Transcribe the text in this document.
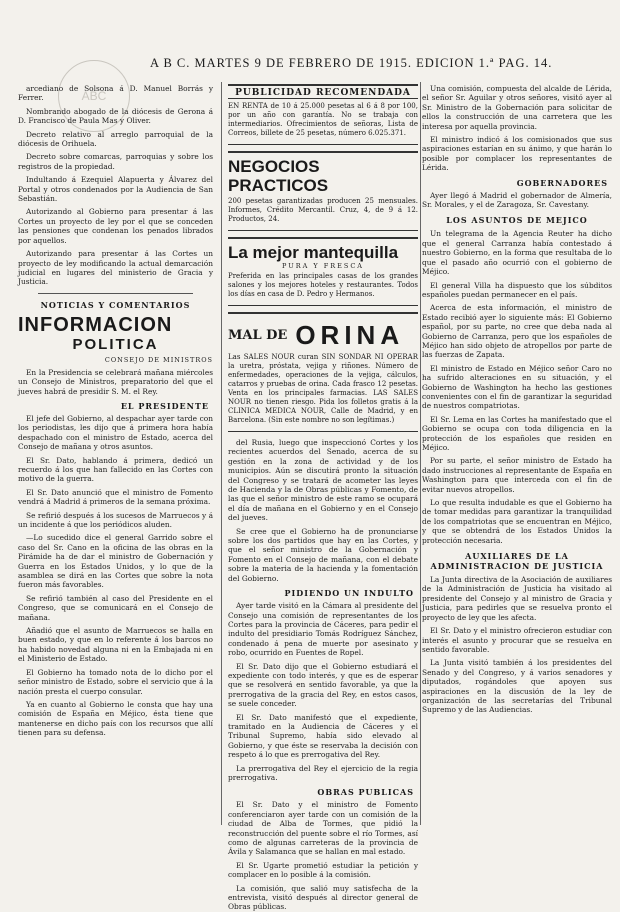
ABC
A B C. MARTES 9 DE FEBRERO DE 1915. EDICION 1.ª PAG. 14.

arcediano de Solsona á D. Manuel Borrás y Ferrer.

Nombrando abogado de la diócesis de Gerona á D. Francisco de Paula Mas y Oliver.

Decreto relativo al arreglo parroquial de la diócesis de Orihuela.

Decreto sobre comarcas, parroquias y sobre los registros de la propiedad.

Indultando á Ezequiel Alapuerta y Álvarez del Portal y otros condenados por la Audiencia de San Sebastián.

Autorizando al Gobierno para presentar á las Cortes un proyecto de ley por el que se conceden las pensiones que condenan los penados librados por aquellos.

Autorizando para presentar á las Cortes un proyecto de ley modificando la actual demarcación judicial en lugares del ministerio de Gracia y Justicia.

NOTICIAS Y COMENTARIOS
INFORMACION
POLITICA
CONSEJO DE MINISTROS

En la Presidencia se celebrará mañana miércoles un Consejo de Ministros, preparatorio del que el jueves habrá de presidir S. M. el Rey.

EL PRESIDENTE

El jefe del Gobierno, al despachar ayer tarde con los periodistas, les dijo que á primera hora había despachado con el ministro de Estado, acerca del Consejo de mañana y otros asuntos.

El Sr. Dato, hablando á primera, dedicó un recuerdo á los que han fallecido en las Cortes con motivo de la guerra.

El Sr. Dato anunció que el ministro de Fomento vendrá á Madrid á primeros de la semana próxima.

Se refirió después á los sucesos de Marruecos y á un incidente á que los periódicos aluden.

—Lo sucedido dice el general Garrido sobre el caso del Sr. Cano en la oficina de las obras en la Pirámide ha de dar el ministro de Gobernación y Guerra en los Estados Unidos, y lo que de la asamblea se dirá en las Cortes que sobre la nota fueron más favorables.

Se refirió también al caso del Presidente en el Congreso, que se comunicará en el Consejo de mañana.

Añadió que el asunto de Marruecos se halla en buen estado, y que en lo referente á los barcos no ha habido novedad alguna ni en la Embajada ni en el Ministerio de Estado.

El Gobierno ha tomado nota de lo dicho por el señor ministro de Estado, sobre el servicio que á la nación presta el cuerpo consular.

Ya en cuanto al Gobierno le consta que hay una comisión de España en Méjico, ésta tiene que mantenerse en dicho país con los recursos que allí tienen para su defensa.

PUBLICIDAD RECOMENDADA
EN RENTA de 10 á 25.000 pesetas al 6 á 8 por 100, por un año con garantía. No se trabaja con intermediarios. Ofrecimientos de señoras, Lista de Correos, billete de 25 pesetas, número 6.025.371.
NEGOCIOS PRACTICOS
200 pesetas garantizadas producen 25 mensuales. Informes, Crédito Mercantil. Cruz, 4, de 9 á 12. Productos, 24.
La mejor mantequilla
PURA Y FRESCA
Preferida en las principales casas de los grandes salones y los mejores hoteles y restaurantes. Todos los días en casa de D. Pedro y Hermanos.
MAL DE ORINA
Las SALES NOUR curan SIN SONDAR NI OPERAR la uretra, próstata, vejiga y riñones. Número de enfermedades, operaciones de la vejiga, cálculos, catarros y pruebas de orina. Cada frasco 12 pesetas. Venta en los principales farmacias. LAS SALES NOUR no tienen riesgo. Pida los folletos gratis á la CLINICA MEDICA NOUR, Calle de Madrid, y en Barcelona. (Sin este nombre no son legítimas.)

del Rusia, luego que inspeccionó Cortes y los recientes acuerdos del Senado, acerca de su gestión en la zona de actividad y de los municipios. Aún se discutirá pronto la situación del Congreso y se tratará de acometer las leyes de Hacienda y la de Obras públicas y Fomento, de las que el señor ministro de este ramo se ocupará el día de mañana en el Gobierno y en el Consejo del jueves.

Se cree que el Gobierno ha de pronunciarse sobre los dos partidos que hay en las Cortes, y que el señor ministro de la Gobernación y Fomento en el Consejo de mañana, con el debate sobre la materia de la hacienda y la fomentación del Gobierno.

PIDIENDO UN INDULTO

Ayer tarde visitó en la Cámara al presidente del Consejo una comisión de representantes de los Cortes para la provincia de Cáceres, para pedir el indulto del presidiario Tomás Rodríguez Sánchez, condenado á pena de muerte por asesinato y robo, ocurrido en Fuentes de Ropel.

El Sr. Dato dijo que el Gobierno estudiará el expediente con todo interés, y que es de esperar que se resolverá en sentido favorable, ya que la prerrogativa de la gracia del Rey, en estos casos, se suele conceder.

El Sr. Dato manifestó que el expediente, tramitado en la Audiencia de Cáceres y el Tribunal Supremo, había sido elevado al Gobierno, y que éste se reservaba la decisión con respeto á lo que es prerrogativa del Rey.

La prerrogativa del Rey el ejercicio de la regia prerrogativa.

OBRAS PUBLICAS

El Sr. Dato y el ministro de Fomento conferenciaron ayer tarde con un comisión de la ciudad de Alba de Tormes, que pidió la reconstrucción del puente sobre el río Tormes, así como de algunas carreteras de la provincia de Ávila y Salamanca que se hallan en mal estado.

El Sr. Ugarte prometió estudiar la petición y complacer en lo posible á la comisión.

La comisión, que salió muy satisfecha de la entrevista, visitó después al director general de Obras públicas.

Una comisión, compuesta del alcalde de Lérida, el señor Sr. Aguilar y otros señores, visitó ayer al Sr. Ministro de la Gobernación para solicitar de ellos la construcción de una carretera que les interesa por aquella provincia.

El ministro indicó á los comisionados que sus aspiraciones estarían en su ánimo, y que harán lo posible por complacer los representantes de Lérida.

GOBERNADORES

Ayer llegó á Madrid el gobernador de Almería, Sr. Morales, y el de Zaragoza, Sr. Cavestany.

LOS ASUNTOS DE MEJICO

Un telegrama de la Agencia Reuter ha dicho que el general Carranza había contestado á nuestro Gobierno, en la forma que resultaba de lo que el pasado año ocurrió con el gobierno de Méjico.

El general Villa ha dispuesto que los súbditos españoles puedan permanecer en el país.

Acerca de esta información, el ministro de Estado recibió ayer lo siguiente más: El Gobierno español, por su parte, no cree que deba nada al Gobierno de Carranza, pero que los españoles de Méjico han sido objeto de atropellos por parte de las fuerzas de Zapata.

El ministro de Estado en Méjico señor Caro no ha sufrido alteraciones en su situación, y el Gobierno de Washington ha hecho las gestiones convenientes con el fin de garantizar la seguridad de nuestros compatriotas.

El Sr. Lema en las Cortes ha manifestado que el Gobierno se ocupa con toda diligencia en la protección de los españoles que residen en Méjico.

Por su parte, el señor ministro de Estado ha dado instrucciones al representante de España en Washington para que interceda con el fin de evitar nuevos atropellos.

Lo que resulta indudable es que el Gobierno ha de tomar medidas para garantizar la tranquilidad de los compatriotas que se encuentran en Méjico, y que se obtendrá de los Estados Unidos la protección necesaria.

AUXILIARES DE LA ADMINISTRACION DE JUSTICIA

La Junta directiva de la Asociación de auxiliares de la Administración de Justicia ha visitado al presidente del Consejo y al ministro de Gracia y Justicia, para pedirles que se resuelva pronto el proyecto de ley que les afecta.

El Sr. Dato y el ministro ofrecieron estudiar con interés el asunto y procurar que se resuelva en sentido favorable.

La Junta visitó también á los presidentes del Senado y del Congreso, y á varios senadores y diputados, rogándoles que apoyen sus aspiraciones en la discusión de la ley de organización de las secretarías del Tribunal Supremo y de las Audiencias.
